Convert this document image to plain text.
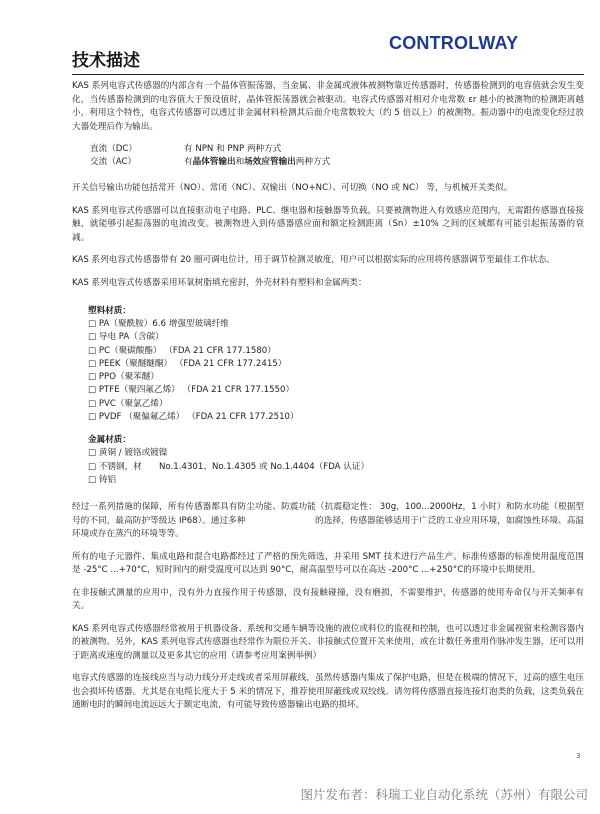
CONTROLWAY
技术描述

KAS 系列电容式传感器的内部含有一个晶体管振荡器，当金属、非金属或液体被测物靠近传感器时，传感器检测到的电容值就会发生变化，当传感器检测到的电容值大于预设值时，晶体管振荡器就会被驱动。电容式传感器对相对介电常数 εr 越小的被测物的检测距离越小，利用这个特性，电容式传感器可以透过非金属材料检测其后面介电常数较大（约 5 倍以上）的被测物。振动器中的电流变化经过放大器处理后作为输出。

直流（DC）	有 NPN 和 PNP 两种方式
交流（AC）	有晶体管输出和场效应管输出两种方式

开关信号输出功能包括常开（NO）、常闭（NC）、双输出（NO+NC）、可切换（NO 或 NC） 等，与机械开关类似。

KAS 系列电容式传感器可以直接驱动电子电路、PLC、继电器和接触器等负载。只要被测物进入有效感应范围内，无需跟传感器直接接触，就能够引起振荡器的电流改变。被测物进入到传感器感应面和额定检测距离（Sn）±10% 之间的区域都有可能引起振荡器的衰减。

KAS 系列电容式传感器带有 20 圈可调电位计，用于调节检测灵敏度，用户可以根据实际的应用将传感器调节至最佳工作状态。

KAS 系列电容式传感器采用环氧树脂填充密封，外壳材料有塑料和金属两类：

塑料材质：
□ PA（聚酰胺）6.6 增强型玻璃纤维
□ 导电 PA（含碳）
□ PC（聚碳酸酯） （FDA 21 CFR 177.1580）
□ PEEK（聚醚醚酮） （FDA 21 CFR 177.2415）
□ PPO（聚苯醚）
□ PTFE（聚四氟乙烯） （FDA 21 CFR 177.1550）
□ PVC（聚氯乙烯）
□ PVDF （聚偏氟乙烯） （FDA 21 CFR 177.2510）
金属材质：
□ 黄铜 / 镀铬或镀镍
□ 不锈钢，材　　No.1.4301、No.1.4305 或 No.1.4404（FDA 认证）
□ 铸铝

经过一系列措施的保障，所有传感器都具有防尘功能、防震功能（抗震稳定性： 30g，100...2000Hz，1 小时）和防水功能（根据型号的不同，最高防护等级达 IP68）。通过多种　　　　　　　　的选择，传感器能够适用于广泛的工业应用环境，如腐蚀性环境、高温环境或存在蒸汽的环境等等。

所有的电子元器件、集成电路和混合电路都经过了严格的预先筛选，并采用 SMT 技术进行产品生产。标准传感器的标准使用温度范围是 -25°C ...+70°C，短时间内的耐受温度可以达到 90°C，耐高温型号可以在高达 -200°C ...+250°C的环境中长期使用。

在非接触式测量的应用中，没有外力直接作用于传感器，没有接触碰撞，没有磨损，不需要维护，传感器的使用寿命仅与开关频率有关。

KAS 系列电容式传感器经常被用于机器设备、系统和交通车辆等设施的液位或料位的监视和控制，也可以透过非金属视窗来检测容器内的被测物。另外，KAS 系列电容式传感器也经常作为限位开关、非接触式位置开关来使用，或在计数任务重用作脉冲发生器，还可以用于距离或速度的测量以及更多其它的应用（请参考应用案例举例）

电容式传感器的连接线应当与动力线分开走线或者采用屏蔽线，虽然传感器内集成了保护电路，但是在极端的情况下，过高的感生电压也会损坏传感器。尤其是在电缆长度大于 5 米的情况下，推荐使用屏蔽线或双绞线。请勿将传感器直接连接灯泡类的负载，这类负载在通断电时的瞬间电流远远大于额定电流，有可能导致传感器输出电路的损坏。

3
图片发布者：科瑞工业自动化系统（苏州）有限公司
